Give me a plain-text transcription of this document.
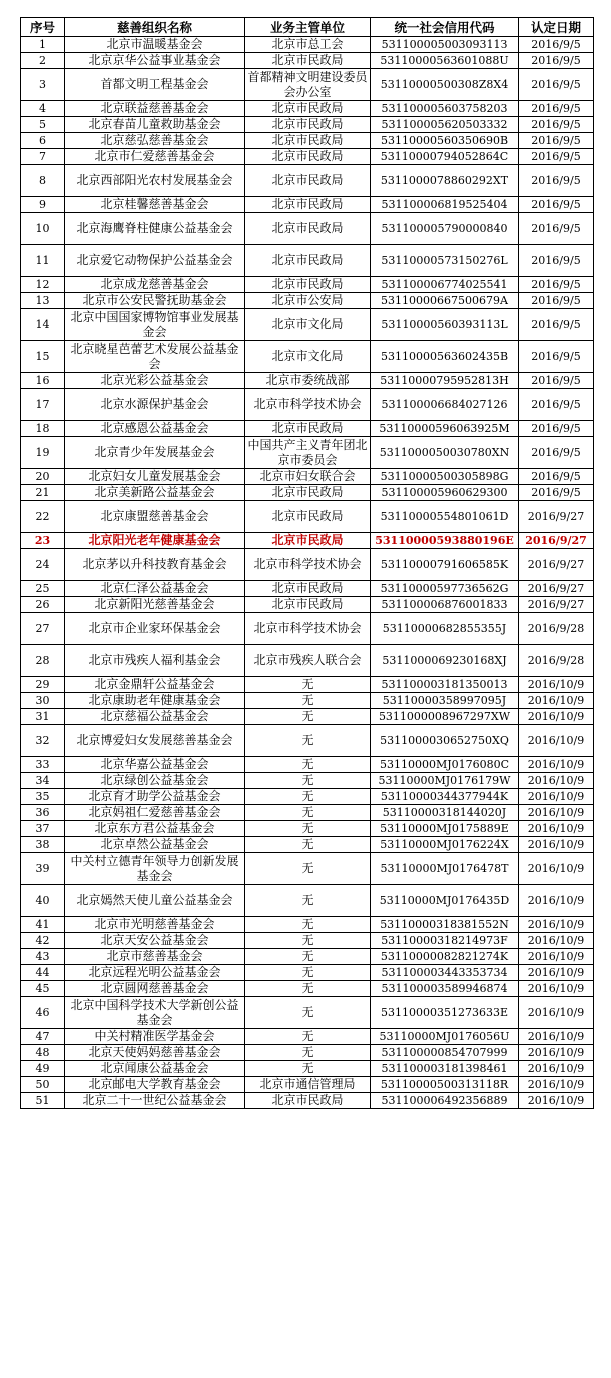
序号	慈善组织名称	业务主管单位	统一社会信用代码	认定日期
1	北京市温暖基金会	北京市总工会	53110000500309311З	2016/9/5
2	北京京华公益事业基金会	北京市民政局	53110000563601088U	2016/9/5
3	首都文明工程基金会	首都精神文明建设委员会办公室	53110000500308Z8X4	2016/9/5
4	北京联益慈善基金会	北京市民政局	531100005603758203	2016/9/5
5	北京春苗儿童救助基金会	北京市民政局	531100005620503332	2016/9/5
6	北京慈弘慈善基金会	北京市民政局	53110000560350690B	2016/9/5
7	北京市仁爱慈善基金会	北京市民政局	53110000794052864C	2016/9/5
8	北京西部阳光农村发展基金会	北京市民政局	5311000078860292XT	2016/9/5
9	北京桂馨慈善基金会	北京市民政局	531100006819525404	2016/9/5
10	北京海鹰脊柱健康公益基金会	北京市民政局	531100005790000840	2016/9/5
11	北京爱它动物保护公益基金会	北京市民政局	53110000573150276L	2016/9/5
12	北京成龙慈善基金会	北京市民政局	531100006774025541	2016/9/5
13	北京市公安民警抚助基金会	北京市公安局	53110000667500679A	2016/9/5
14	北京中国国家博物馆事业发展基金会	北京市文化局	53110000560393113L	2016/9/5
15	北京晓星芭蕾艺术发展公益基金会	北京市文化局	53110000563602435B	2016/9/5
16	北京光彩公益基金会	北京市委统战部	53110000795952813H	2016/9/5
17	北京水源保护基金会	北京市科学技术协会	531100006684027126	2016/9/5
18	北京感恩公益基金会	北京市民政局	53110000596063925M	2016/9/5
19	北京青少年发展基金会	中国共产主义青年团北京市委员会	5311000050030780XN	2016/9/5
20	北京妇女儿童发展基金会	北京市妇女联合会	53110000500305898G	2016/9/5
21	北京美新路公益基金会	北京市民政局	531100005960629300	2016/9/5
22	北京康盟慈善基金会	北京市民政局	53110000554801061D	2016/9/27
23	北京阳光老年健康基金会	北京市民政局	53110000593880196E	2016/9/27
24	北京茅以升科技教育基金会	北京市科学技术协会	53110000791606585K	2016/9/27
25	北京仁泽公益基金会	北京市民政局	53110000597736562G	2016/9/27
26	北京新阳光慈善基金会	北京市民政局	531100006876001833	2016/9/27
27	北京市企业家环保基金会	北京市科学技术协会	53110000682855355J	2016/9/28
28	北京市残疾人福利基金会	北京市残疾人联合会	5311000069230168XJ	2016/9/28
29	北京金鼎轩公益基金会	无	531100003181350013	2016/10/9
30	北京康助老年健康基金会	无	53110000358997095J	2016/10/9
31	北京慈福公益基金会	无	5311000008967297XW	2016/10/9
32	北京博爱妇女发展慈善基金会	无	5311000030652750XQ	2016/10/9
33	北京华嘉公益基金会	无	53110000MJ0176080C	2016/10/9
34	北京绿创公益基金会	无	53110000MJ0176179W	2016/10/9
35	北京育才助学公益基金会	无	53110000344377944K	2016/10/9
36	北京妈祖仁爱慈善基金会	无	53110000318144020J	2016/10/9
37	北京东方君公益基金会	无	53110000MJ0175889E	2016/10/9
38	北京卓然公益基金会	无	53110000MJ0176224X	2016/10/9
39	中关村立德青年领导力创新发展基金会	无	53110000MJ0176478T	2016/10/9
40	北京嫣然天使儿童公益基金会	无	53110000MJ0176435D	2016/10/9
41	北京市光明慈善基金会	无	53110000318381552N	2016/10/9
42	北京天安公益基金会	无	53110000318214973F	2016/10/9
43	北京市慈善基金会	无	53110000082821274K	2016/10/9
44	北京远程光明公益基金会	无	531100003443353734	2016/10/9
45	北京圆网慈善基金会	无	531100003589946874	2016/10/9
46	北京中国科学技术大学新创公益基金会	无	53110000351273633E	2016/10/9
47	中关村精准医学基金会	无	53110000MJ0176056U	2016/10/9
48	北京天使妈妈慈善基金会	无	531100000854707999	2016/10/9
49	北京闻康公益基金会	无	531100003181398461	2016/10/9
50	北京邮电大学教育基金会	北京市通信管理局	53110000500313118R	2016/10/9
51	北京二十一世纪公益基金会	北京市民政局	531100006492356889	2016/10/9
